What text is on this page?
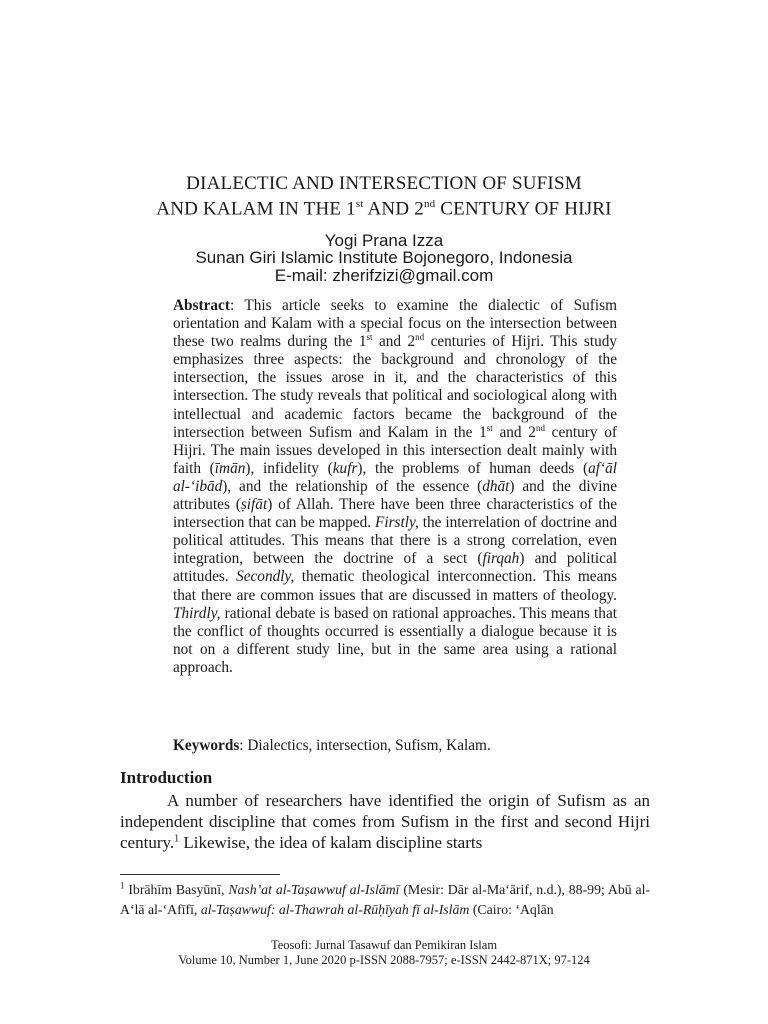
DIALECTIC AND INTERSECTION OF SUFISM
AND KALAM IN THE 1st AND 2nd CENTURY OF HIJRI
Yogi Prana Izza
Sunan Giri Islamic Institute Bojonegoro, Indonesia
E-mail: zherifzizi@gmail.com

Abstract: This article seeks to examine the dialectic of Sufism orientation and Kalam with a special focus on the intersection between these two realms during the 1st and 2nd centuries of Hijri. This study emphasizes three aspects: the background and chronology of the intersection, the issues arose in it, and the characteristics of this intersection. The study reveals that political and sociological along with intellectual and academic factors became the background of the intersection between Sufism and Kalam in the 1st and 2nd century of Hijri. The main issues developed in this intersection dealt mainly with faith (īmān), infidelity (kufr), the problems of human deeds (af‘āl al-‘ibād), and the relationship of the essence (dhāt) and the divine attributes (ṣifāt) of Allah. There have been three characteristics of the intersection that can be mapped. Firstly, the interrelation of doctrine and political attitudes. This means that there is a strong correlation, even integration, between the doctrine of a sect (firqah) and political attitudes. Secondly, thematic theological interconnection. This means that there are common issues that are discussed in matters of theology. Thirdly, rational debate is based on rational approaches. This means that the conflict of thoughts occurred is essentially a dialogue because it is not on a different study line, but in the same area using a rational approach.

Keywords: Dialectics, intersection, Sufism, Kalam.
Introduction

A number of researchers have identified the origin of Sufism as an independent discipline that comes from Sufism in the first and second Hijri century.$^1$ Likewise, the idea of kalam discipline starts

$^1$ Ibrāhīm Basyūnī, Nash’at al-Taṣawwuf al-Islāmī (Mesir: Dār al-Ma‘ārif, n.d.), 88-99; Abū al-A‘lā al-‘Afīfī, al-Taṣawwuf: al-Thawrah al-Rūḥīyah fī al-Islām (Cairo: ‘Aqlān

Teosofi: Jurnal Tasawuf dan Pemikiran Islam
Volume 10, Number 1, June 2020 p-ISSN 2088-7957; e-ISSN 2442-871X; 97-124
